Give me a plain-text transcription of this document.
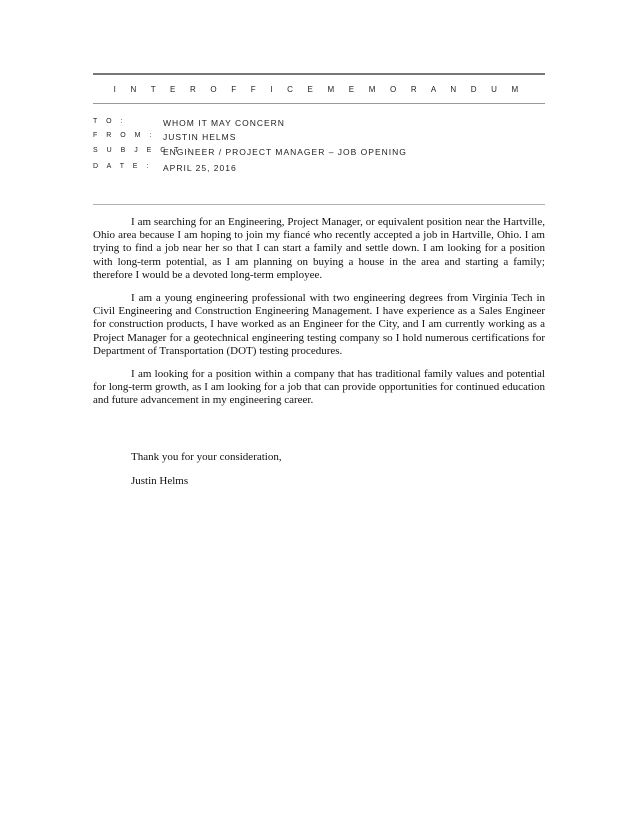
I N T E R O F F I C E M E M O R A N D U M
T O :	WHOM IT MAY CONCERN
F R O M : JUSTIN HELMS
S U B J E C T :
ENGINEER / PROJECT MANAGER – JOB OPENING
D A T E : APRIL 25, 2016

I am searching for an Engineering, Project Manager, or equivalent position near the Hartville, Ohio area because I am hoping to join my fiancé who recently accepted a job in Hartville, Ohio. I am trying to find a job near her so that I can start a family and settle down. I am looking for a position with long-term potential, as I am planning on buying a house in the area and starting a family; therefore I would be a devoted long-term employee.

I am a young engineering professional with two engineering degrees from Virginia Tech in Civil Engineering and Construction Engineering Management. I have experience as a Sales Engineer for construction products, I have worked as an Engineer for the City, and I am currently working as a Project Manager for a geotechnical engineering testing company so I hold numerous certifications for Department of Transportation (DOT) testing procedures.

I am looking for a position within a company that has traditional family values and potential for long-term growth, as I am looking for a job that can provide opportunities for continued education and future advancement in my engineering career.

Thank you for your consideration,
Justin Helms
